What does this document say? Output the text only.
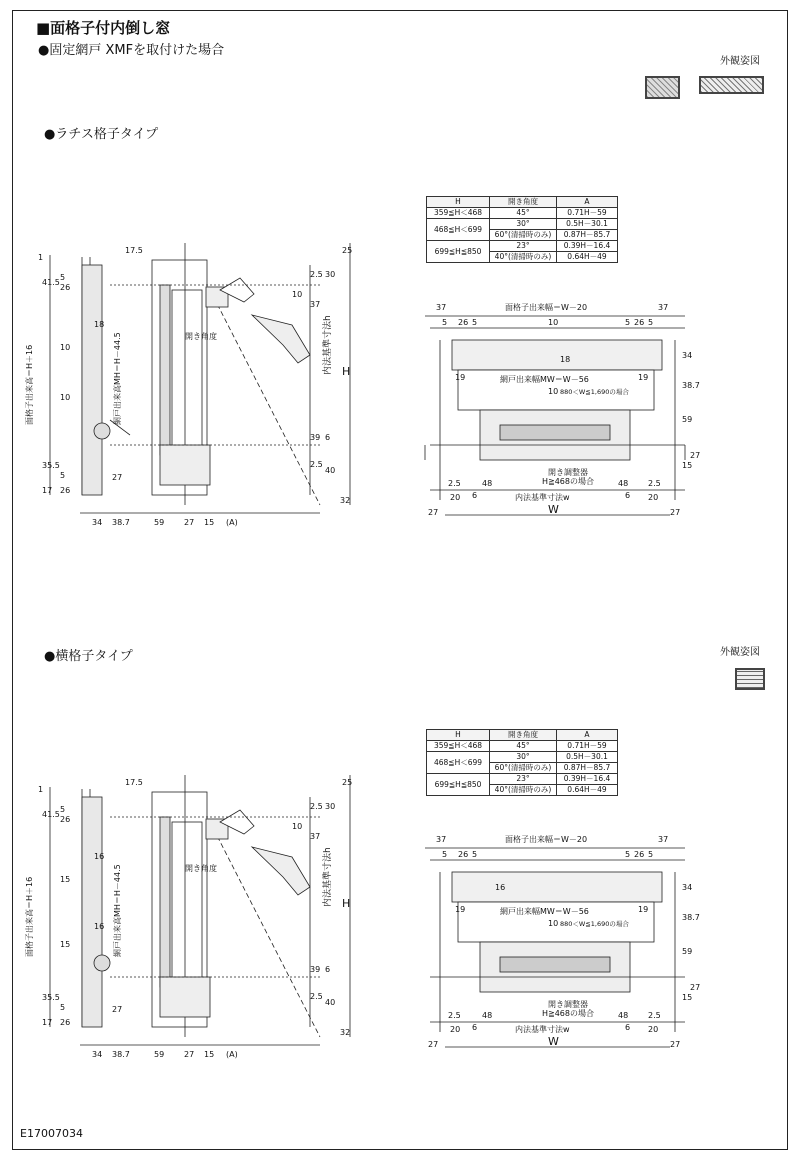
■面格子付内倒し窓
●固定網戸 XMFを取付けた場合
●ラチス格子タイプ
外観姿図
H	開き角度	A
359≦H＜468	45°	0.71H－59
468≦H＜699	30°	0.5H－30.1
	60°(清掃時のみ)	0.87H－85.7
699≦H≦850	23°	0.39H－16.4
	40°(清掃時のみ)	0.64H－49
1
41.5
5
26
10
10
35.5
5
17 26
18
17.5	25
2.5 30
10
37
39 6
2.5
40
32
27
34 38.7	59 27 15 (A)
開き角度	内法基準寸法h H
面格子出来高＝H＋16	網戸出来高MH＝H－44.5
37	面格子出来幅＝W－20	37
5 26 5	10	5 26 5
18
19	網戸出来幅MW＝W－56	19
10 880＜W≦1,690の場合
34
38.7
59
15
27
開き調整器
H≧468の場合
2.5	48	48 2.5
20 6	6 20
内法基準寸法w
W
27	27
●横格子タイプ	外観姿図
H	開き角度	A
359≦H＜468	45°	0.71H－59
468≦H＜699	30°	0.5H－30.1
	60°(清掃時のみ)	0.87H－85.7
699≦H≦850	23°	0.39H－16.4
	40°(清掃時のみ)	0.64H－49
1
41.5
5
26
15
15
16
16
35.5
5
17 26
17.5	25
2.5 30
10
37
39 6
2.5
40
32
27
34 38.7	59 27 15 (A)
開き角度	内法基準寸法h H
面格子出来高＝H＋16	網戸出来高MH＝H－44.5
37	面格子出来幅＝W－20	37
5 26 5	5 26 5
16
19	網戸出来幅MW＝W－56	19
10 880＜W≦1,690の場合
34
38.7
59
15
27
開き調整器
H≧468の場合
2.5	48	48 2.5
20 6	6 20
内法基準寸法w
W
27	27
E17007034
